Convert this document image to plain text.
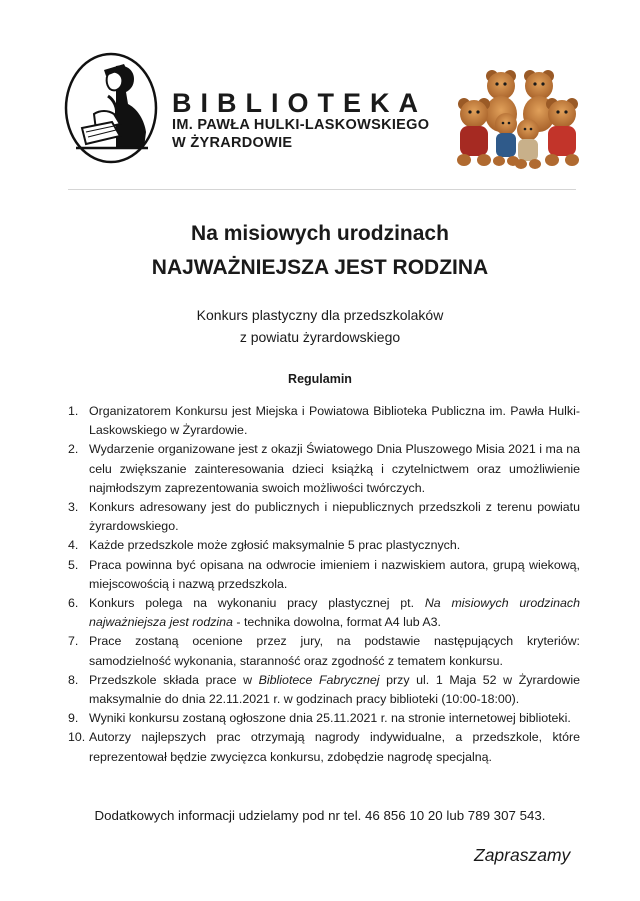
BIBLIOTEKA
IM. PAWŁA HULKI-LASKOWSKIEGO
W ŻYRARDOWIE
Na misiowych urodzinach
NAJWAŻNIEJSZA JEST RODZINA
Konkurs plastyczny dla przedszkolaków
z powiatu żyrardowskiego
Regulamin
1. Organizatorem Konkursu jest Miejska i Powiatowa Biblioteka Publiczna im. Pawła Hulki-Laskowskiego w Żyrardowie.
2. Wydarzenie organizowane jest z okazji Światowego Dnia Pluszowego Misia 2021 i ma na celu zwiększanie zainteresowania dzieci książką i czytelnictwem oraz umożliwienie najmłodszym zaprezentowania swoich możliwości twórczych.
3. Konkurs adresowany jest do publicznych i niepublicznych przedszkoli z terenu powiatu żyrardowskiego.
4. Każde przedszkole może zgłosić maksymalnie 5 prac plastycznych.
5. Praca powinna być opisana na odwrocie imieniem i nazwiskiem autora, grupą wiekową, miejscowością i nazwą przedszkola.
6. Konkurs polega na wykonaniu pracy plastycznej pt. Na misiowych urodzinach najważniejsza jest rodzina - technika dowolna, format A4 lub A3.
7. Prace zostaną ocenione przez jury, na podstawie następujących kryteriów: samodzielność wykonania, staranność oraz zgodność z tematem konkursu.
8. Przedszkole składa prace w Bibliotece Fabrycznej przy ul. 1 Maja 52 w Żyrardowie maksymalnie do dnia 22.11.2021 r. w godzinach pracy biblioteki (10:00-18:00).
9. Wyniki konkursu zostaną ogłoszone dnia 25.11.2021 r. na stronie internetowej biblioteki.
10. Autorzy najlepszych prac otrzymają nagrody indywidualne, a przedszkole, które reprezentował będzie zwycięzca konkursu, zdobędzie nagrodę specjalną.
Dodatkowych informacji udzielamy pod nr tel. 46 856 10 20 lub 789 307 543.
Zapraszamy
